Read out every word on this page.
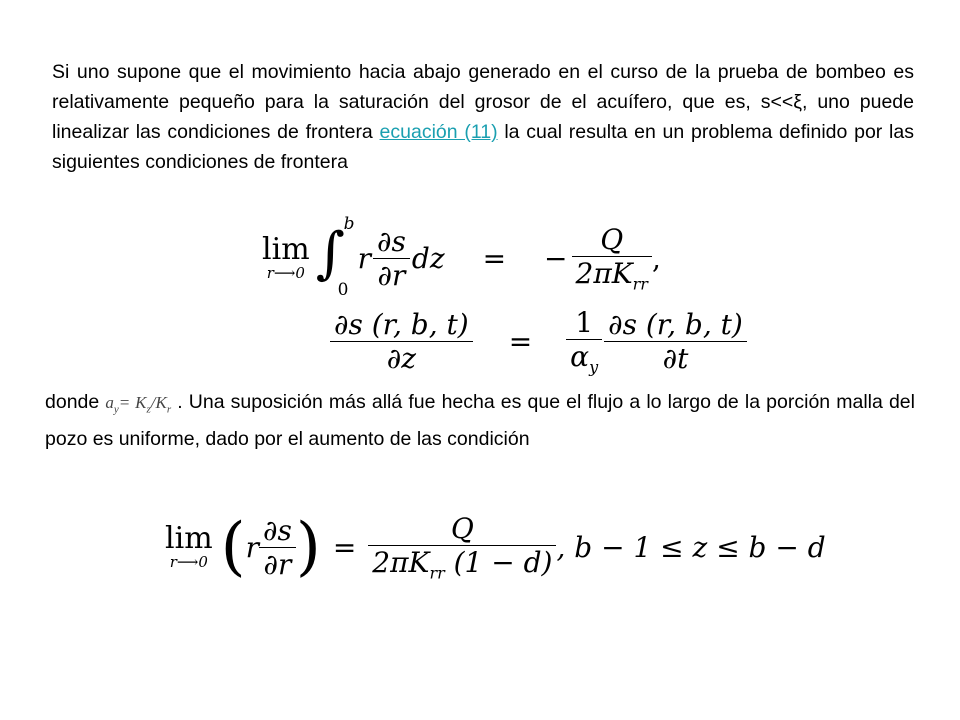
Si uno supone que el movimiento hacia abajo generado en el curso de la prueba de bombeo es relativamente pequeño para la saturación del grosor de el acuífero, que es, s<<ξ, uno puede linealizar las condiciones de frontera ecuación (11) la cual resulta en un problema definido por las siguientes condiciones de frontera
lim
r⟶0 ∫
b
0
r $\frac{\partial s}{\partial r}$ dz = − $\frac{Q}{2\pi K_{rr}}$ ,
$\frac{\partial s (r, b, t)}{\partial z} = \frac{1}{\alpha_y} \frac{\partial s (r, b, t)}{\partial t}$
donde $a_y= K_z/K_r$ . Una suposición más allá fue hecha es que el flujo a lo largo de la porción malla del pozo es uniforme, dado por el aumento de las condición
lim
r⟶0 ( r $\frac{\partial s}{\partial r}$ ) = $\frac{Q}{2\pi K_{rr} (1 - d)}$ , b − 1 ≤ z ≤ b − d
